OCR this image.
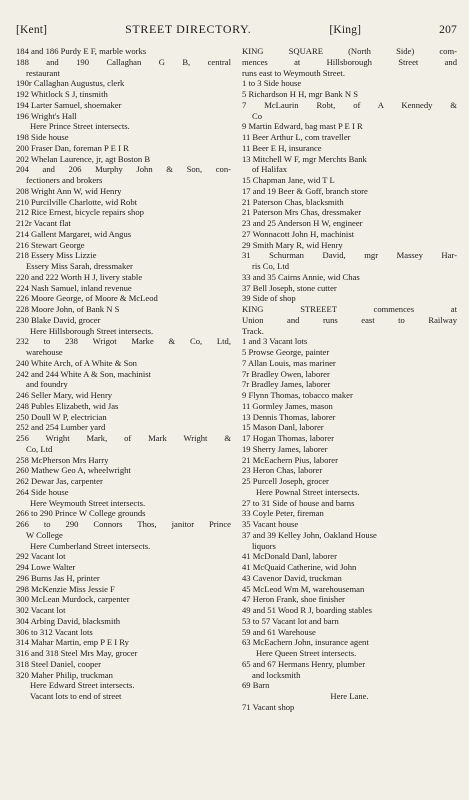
[Kent]	STREET DIRECTORY.	[King]	207
184 and 186 Purdy E F, marble works
188 and 190 Callaghan G B, central
restaurant
190r Callaghan Augustus, clerk
192 Whitlock S J, tinsmith
194 Larter Samuel, shoemaker
196 Wright's Hall
Here Prince Street intersects.
198 Side house
200 Fraser Dan, foreman P E I R
202 Whelan Laurence, jr, agt Boston B
204 and 206 Murphy John & Son, con-
fectioners and brokers
208 Wright Ann W, wid Henry
210 Purcilville Charlotte, wid Robt
212 Rice Ernest, bicycle repairs shop
212r Vacant flat
214 Gallent Margaret, wid Angus
216 Stewart George
218 Essery Miss Lizzie
Essery Miss Sarah, dressmaker
220 and 222 Worth H J, livery stable
224 Nash Samuel, inland revenue
226 Moore George, of Moore & McLeod
228 Moore John, of Bank N S
230 Blake David, grocer
Here Hillsborough Street intersects.
232 to 238 Wrigot Marke & Co, Ltd,
warehouse
240 White Arch, of A White & Son
242 and 244 White A & Son, machinist
and foundry
246 Seller Mary, wid Henry
248 Publes Elizabeth, wid Jas
250 Doull W P, electrician
252 and 254 Lumber yard
256 Wright Mark, of Mark Wright &
Co, Ltd
258 McPherson Mrs Harry
260 Mathew Geo A, wheelwright
262 Dewar Jas, carpenter
264 Side house
Here Weymouth Street intersects.
266 to 290 Prince W College grounds
266 to 290 Connors Thos, janitor Prince
W College
Here Cumberland Street intersects.
292 Vacant lot
294 Lowe Walter
296 Burns Jas H, printer
298 McKenzie Miss Jessie F
300 McLean Murdock, carpenter
302 Vacant lot
304 Arbing David, blacksmith
306 to 312 Vacant lots
314 Mahar Martin, emp P E I Ry
316 and 318 Steel Mrs May, grocer
318 Steel Daniel, cooper
320 Maher Philip, truckman
Here Edward Street intersects.
Vacant lots to end of street
KING SQUARE (North Side) com-
mences at Hillsborough Street and
runs east to Weymouth Street.
1 to 3 Side house
5 Richardson H H, mgr Bank N S
7 McLaurin Robt, of A Kennedy &
Co
9 Martin Edward, bag mast P E I R
11 Beer Arthur L, com traveller
11 Beer E H, insurance
13 Mitchell W F, mgr Merchts Bank
of Halifax
15 Chapman Jane, wid T L
17 and 19 Beer & Goff, branch store
21 Paterson Chas, blacksmith
21 Paterson Mrs Chas, dressmaker
23 and 25 Anderson H W, engineer
27 Wonnacott John H, machinist
29 Smith Mary R, wid Henry
31 Schurman David, mgr Massey Har-
ris Co, Ltd
33 and 35 Cairns Annie, wid Chas
37 Bell Joseph, stone cutter
39 Side of shop
KING STREEET commences at
Union and runs east to Railway
Track.
1 and 3 Vacant lots
5 Prowse George, painter
7 Allan Louis, mas mariner
7r Bradley Owen, laborer
7r Bradley James, laborer
9 Flynn Thomas, tobacco maker
11 Gormley James, mason
13 Dennis Thomas, laborer
15 Mason Danl, laborer
17 Hogan Thomas, laborer
19 Sherry James, laborer
21 McEachern Pius, laborer
23 Heron Chas, laborer
25 Purcell Joseph, grocer
Here Pownal Street intersects.
27 to 31 Side of house and barns
33 Coyle Peter, fireman
35 Vacant house
37 and 39 Kelley John, Oakland House
liquors
41 McDonald Danl, laborer
41 McQuaid Catherine, wid John
43 Cavenor David, truckman
45 McLeod Wm M, warehouseman
47 Heron Frank, shoe finisher
49 and 51 Wood R J, boarding stables
53 to 57 Vacant lot and barn
59 and 61 Warehouse
63 McEachern John, insurance agent
Here Queen Street intersects.
65 and 67 Hermans Henry, plumber
and locksmith
69 Barn
Here Lane.
71 Vacant shop
